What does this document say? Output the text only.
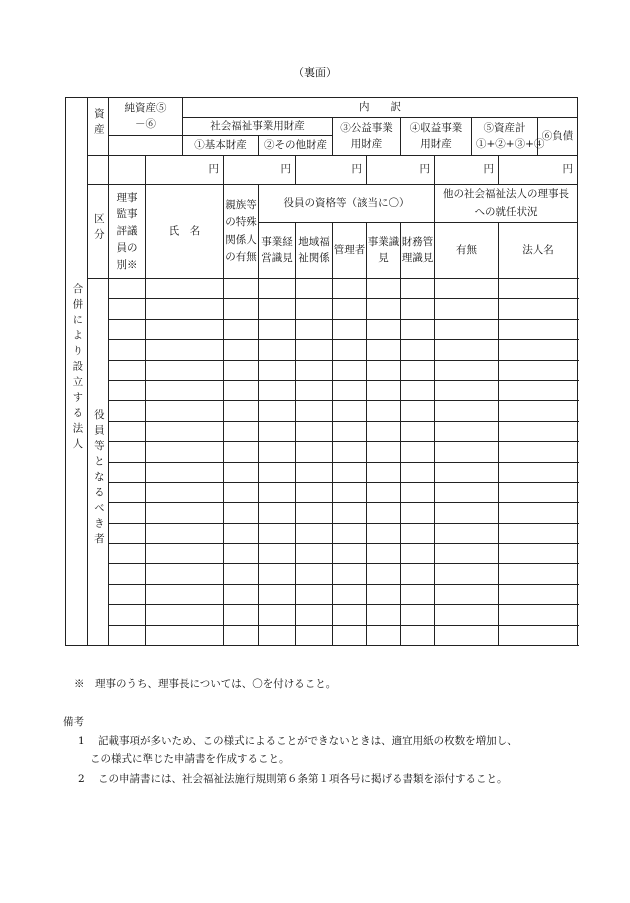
（裏面）
合併により設立する法人	資産	純資産⑤－⑥		内　　訳											
				社会福祉事業用財産				③公益事業用財産		④収益事業用財産		⑤資産計①+②+③+④		⑥負債	
				①基本財産		②その他財産									
			円		円		円		円		円		円	
	区分	理事監事評議員の別※	氏　名		親族等の特殊関係人の有無	役員の資格等（該当に〇）					他の社会福祉法人の理事長への就任状況				
						事業経営識見	地域福祉関係	管理者	事業識見	財務管理識見	有無		法人名		
	役員等となるべき者														

※　理事のうち、理事長については、〇を付けること。
備考
1 記載事項が多いため、この様式によることができないときは、適宜用紙の枚数を増加し、
この様式に準じた申請書を作成すること。
2 この申請書には、社会福祉法施行規則第６条第１項各号に掲げる書類を添付すること。
